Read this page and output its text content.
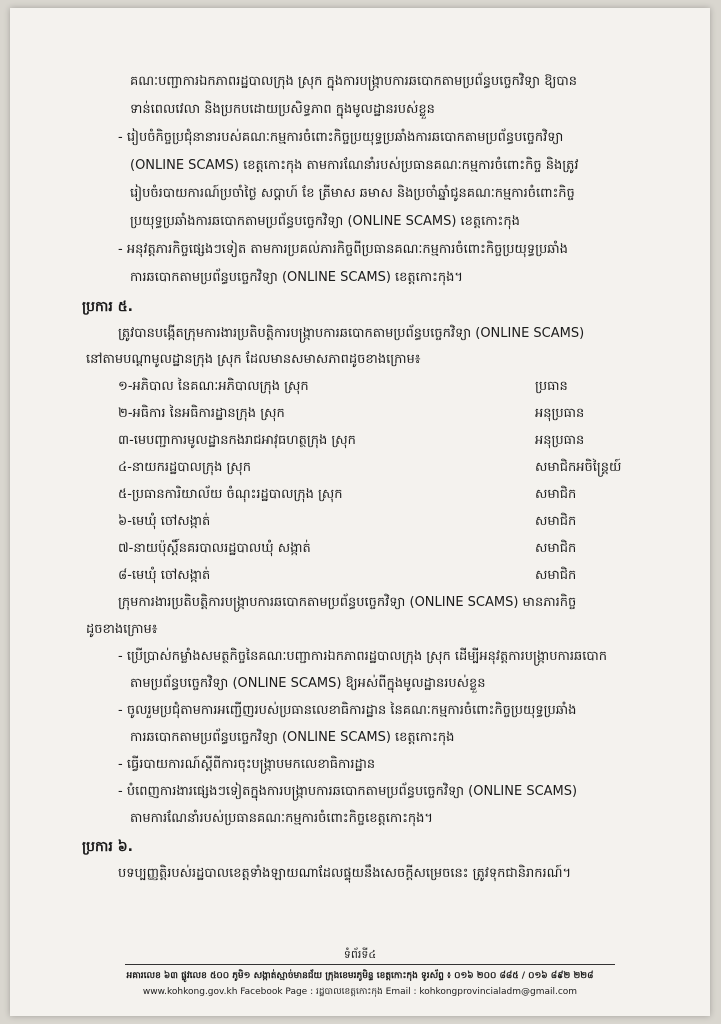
គណៈបញ្ជាការឯកភាពរដ្ឋបាលក្រុង ស្រុក ក្នុងការបង្រ្កាបការឆបោកតាមប្រព័ន្ធបច្ចេកវិទ្យា ឱ្យបាន
ទាន់ពេលវេលា និងប្រកបដោយប្រសិទ្ធភាព ក្នុងមូលដ្ឋានរបស់ខ្លួន
- រៀបចំកិច្ចប្រជុំនានារបស់គណៈកម្មការចំពោះកិច្ចប្រយុទ្ធប្រឆាំងការឆបោកតាមប្រព័ន្ធបច្ចេកវិទ្យា
(ONLINE SCAMS) ខេត្តកោះកុង តាមការណែនាំរបស់ប្រធានគណៈកម្មការចំពោះកិច្ច និងត្រូវ
រៀបចំរបាយការណ៍ប្រចាំថ្ងៃ សប្តាហ៍ ខែ ត្រីមាស ឆមាស និងប្រចាំឆ្នាំជូនគណៈកម្មការចំពោះកិច្ច
ប្រយុទ្ធប្រឆាំងការឆបោកតាមប្រព័ន្ធបច្ចេកវិទ្យា (ONLINE SCAMS) ខេត្តកោះកុង
- អនុវត្តភារកិច្ចផ្សេងៗទៀត តាមការប្រគល់ភារកិច្ចពីប្រធានគណៈកម្មការចំពោះកិច្ចប្រយុទ្ធប្រឆាំង
ការឆបោកតាមប្រព័ន្ធបច្ចេកវិទ្យា (ONLINE SCAMS) ខេត្តកោះកុង។
ប្រការ ៥.
ត្រូវបានបង្កើតក្រុមការងារប្រតិបត្តិការបង្រ្កាបការឆបោកតាមប្រព័ន្ធបច្ចេកវិទ្យា (ONLINE SCAMS)
នៅតាមបណ្តាមូលដ្ឋានក្រុង ស្រុក ដែលមានសមាសភាពដូចខាងក្រោម៖
១-អភិបាល នៃគណៈអភិបាលក្រុង ស្រុក	ប្រធាន
២-អធិការ នៃអធិការដ្ឋានក្រុង ស្រុក	អនុប្រធាន
៣-មេបញ្ជាការមូលដ្ឋានកងរាជអាវុធហត្ថក្រុង ស្រុក	អនុប្រធាន
៤-នាយករដ្ឋបាលក្រុង ស្រុក	សមាជិកអចិន្ត្រៃយ៍
៥-ប្រធានការិយាល័យ ចំណុះរដ្ឋបាលក្រុង ស្រុក	សមាជិក
៦-មេឃុំ ចៅសង្កាត់	សមាជិក
៧-នាយប៉ុស្តិ៍នគរបាលរដ្ឋបាលឃុំ សង្កាត់	សមាជិក
៨-មេឃុំ ចៅសង្កាត់	សមាជិក
ក្រុមការងារប្រតិបត្តិការបង្រ្កាបការឆបោកតាមប្រព័ន្ធបច្ចេកវិទ្យា (ONLINE SCAMS) មានភារកិច្ច
ដូចខាងក្រោម៖
- ប្រើប្រាស់កម្លាំងសមត្ថកិច្ចនៃគណៈបញ្ជាការឯកភាពរដ្ឋបាលក្រុង ស្រុក ដើម្បីអនុវត្តការបង្រ្កាបការឆបោក
តាមប្រព័ន្ធបច្ចេកវិទ្យា (ONLINE SCAMS) ឱ្យអស់ពីក្នុងមូលដ្ឋានរបស់ខ្លួន
- ចូលរួមប្រជុំតាមការអញ្ជើញរបស់ប្រធានលេខាធិការដ្ឋាន នៃគណៈកម្មការចំពោះកិច្ចប្រយុទ្ធប្រឆាំង
ការឆបោកតាមប្រព័ន្ធបច្ចេកវិទ្យា (ONLINE SCAMS) ខេត្តកោះកុង
- ធ្វើរបាយការណ៍ស្តីពីការចុះបង្រ្កាបមកលេខាធិការដ្ឋាន
- បំពេញការងារផ្សេងៗទៀតក្នុងការបង្រ្កាបការឆបោកតាមប្រព័ន្ធបច្ចេកវិទ្យា (ONLINE SCAMS)
តាមការណែនាំរបស់ប្រធានគណៈកម្មការចំពោះកិច្ចខេត្តកោះកុង។
ប្រការ ៦.
បទប្បញ្ញត្តិរបស់រដ្ឋបាលខេត្តទាំងឡាយណាដែលផ្ទុយនឹងសេចក្តីសម្រេចនេះ ត្រូវទុកជានិរាករណ៍។
ទំព័រទី៤
អគារលេខ ៦៣ ផ្លូវលេខ ៥០០ ភូមិ១ សង្កាត់ស្មាច់មានជ័យ ក្រុងខេមរភូមិន្ទ ខេត្តកោះកុង ទូរស័ព្ទ ៖ ០១៦ ២០០ ៨៨៥ / ០១៦ ៨៩២ ២២៨
www.kohkong.gov.kh Facebook Page : រដ្ឋបាលខេត្តកោះកុង Email : kohkongprovincialadm@gmail.com
